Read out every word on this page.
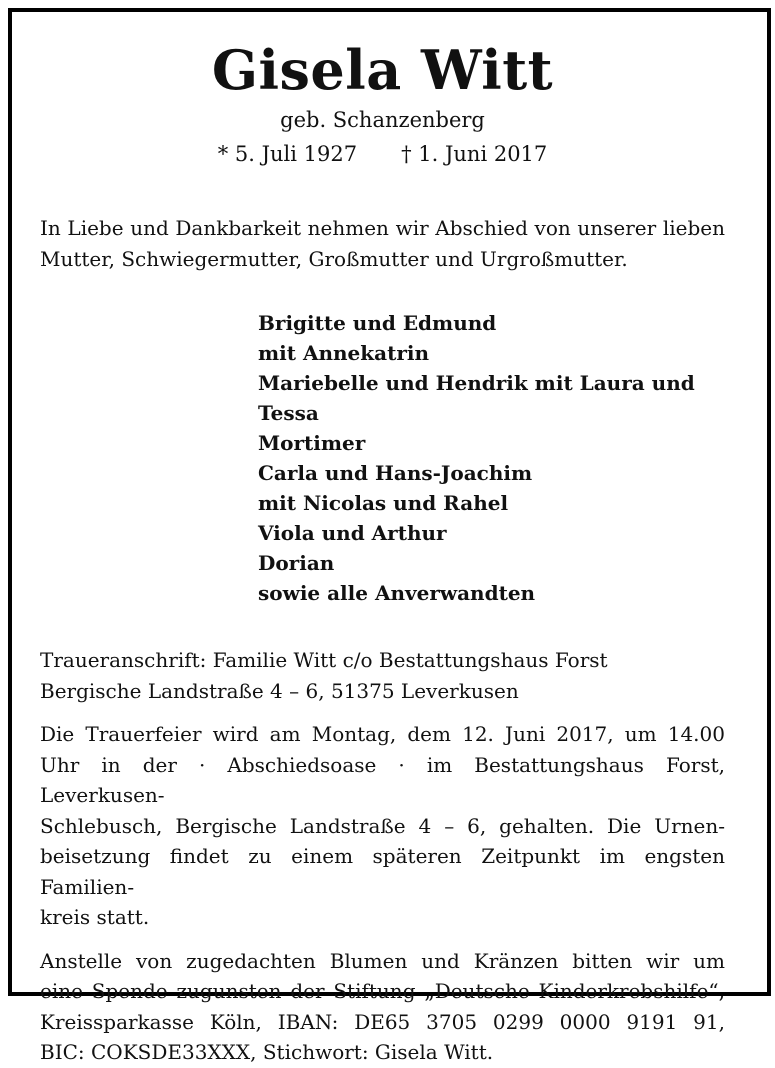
Gisela Witt
geb. Schanzenberg
* 5. Juli 1927 † 1. Juni 2017
In Liebe und Dankbarkeit nehmen wir Abschied von unserer lieben
Mutter, Schwiegermutter, Großmutter und Urgroßmutter.
Brigitte und Edmund
mit Annekatrin
Mariebelle und Hendrik mit Laura und Tessa
Mortimer
Carla und Hans-Joachim
mit Nicolas und Rahel
Viola und Arthur
Dorian
sowie alle Anverwandten
Traueranschrift: Familie Witt c/o Bestattungshaus Forst
Bergische Landstraße 4 – 6, 51375 Leverkusen
Die Trauerfeier wird am Montag, dem 12. Juni 2017, um 14.00
Uhr in der · Abschiedsoase · im Bestattungshaus Forst, Leverkusen-
Schlebusch, Bergische Landstraße 4 – 6, gehalten. Die Urnen-
beisetzung findet zu einem späteren Zeitpunkt im engsten Familien-
kreis statt.
Anstelle von zugedachten Blumen und Kränzen bitten wir um
eine Spende zugunsten der Stiftung „Deutsche Kinderkrebshilfe“,
Kreissparkasse Köln, IBAN: DE65 3705 0299 0000 9191 91,
BIC: COKSDE33XXX, Stichwort: Gisela Witt.
